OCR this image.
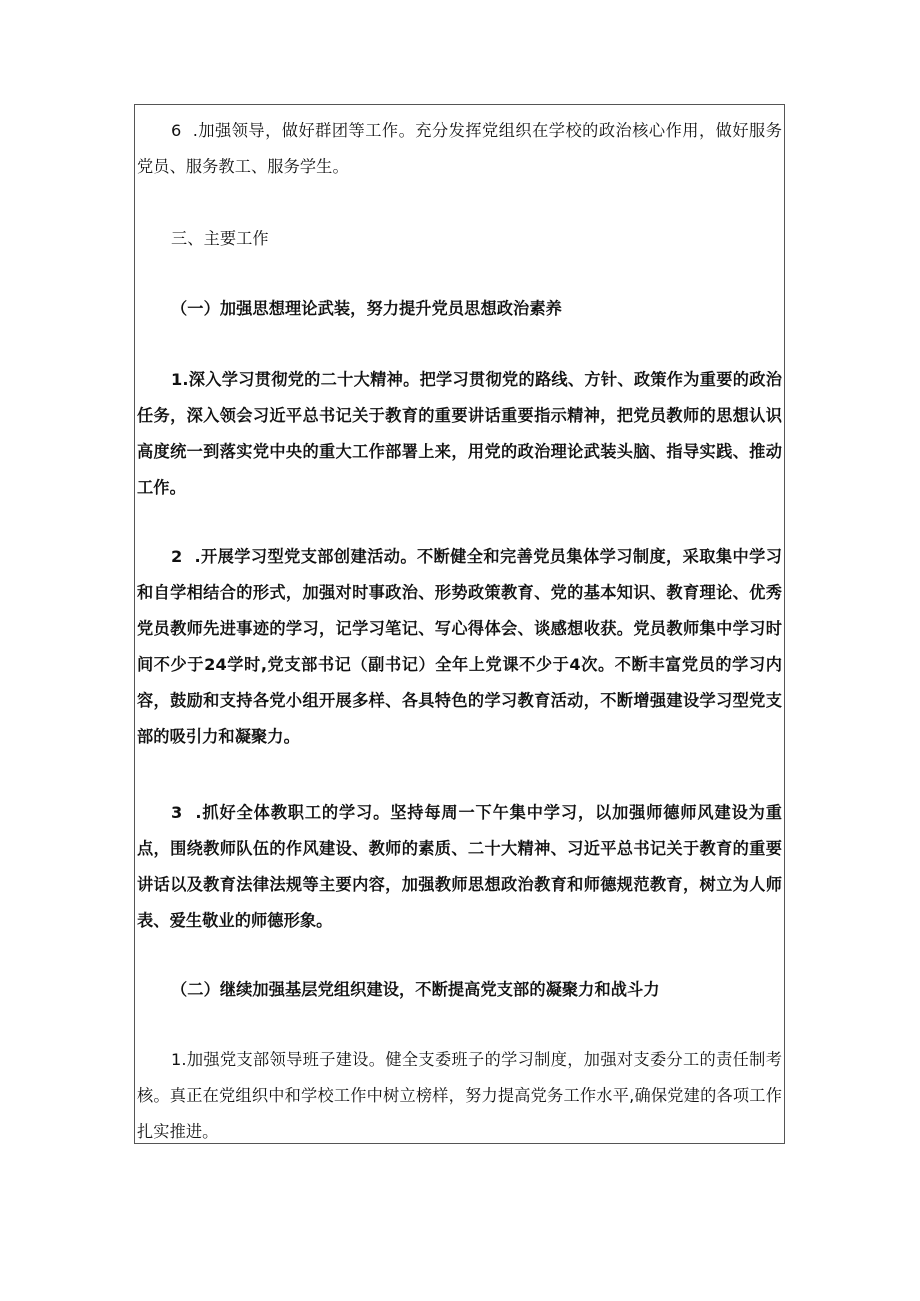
6  .加强领导，做好群团等工作。充分发挥党组织在学校的政治核心作用，做好服务党员、服务教工、服务学生。

三、主要工作

（一）加强思想理论武装，努力提升党员思想政治素养

1.深入学习贯彻党的二十大精神。把学习贯彻党的路线、方针、政策作为重要的政治任务，深入领会习近平总书记关于教育的重要讲话重要指示精神，把党员教师的思想认识高度统一到落实党中央的重大工作部署上来，用党的政治理论武装头脑、指导实践、推动工作。

2  .开展学习型党支部创建活动。不断健全和完善党员集体学习制度，采取集中学习和自学相结合的形式，加强对时事政治、形势政策教育、党的基本知识、教育理论、优秀党员教师先进事迹的学习，记学习笔记、写心得体会、谈感想收获。党员教师集中学习时间不少于24学时,党支部书记（副书记）全年上党课不少于4次。不断丰富党员的学习内容，鼓励和支持各党小组开展多样、各具特色的学习教育活动，不断增强建设学习型党支部的吸引力和凝聚力。

3  .抓好全体教职工的学习。坚持每周一下午集中学习，以加强师德师风建设为重点，围绕教师队伍的作风建设、教师的素质、二十大精神、习近平总书记关于教育的重要讲话以及教育法律法规等主要内容，加强教师思想政治教育和师德规范教育，树立为人师表、爱生敬业的师德形象。

（二）继续加强基层党组织建设，不断提高党支部的凝聚力和战斗力

1.加强党支部领导班子建设。健全支委班子的学习制度，加强对支委分工的责任制考核。真正在党组织中和学校工作中树立榜样，努力提高党务工作水平,确保党建的各项工作扎实推进。
